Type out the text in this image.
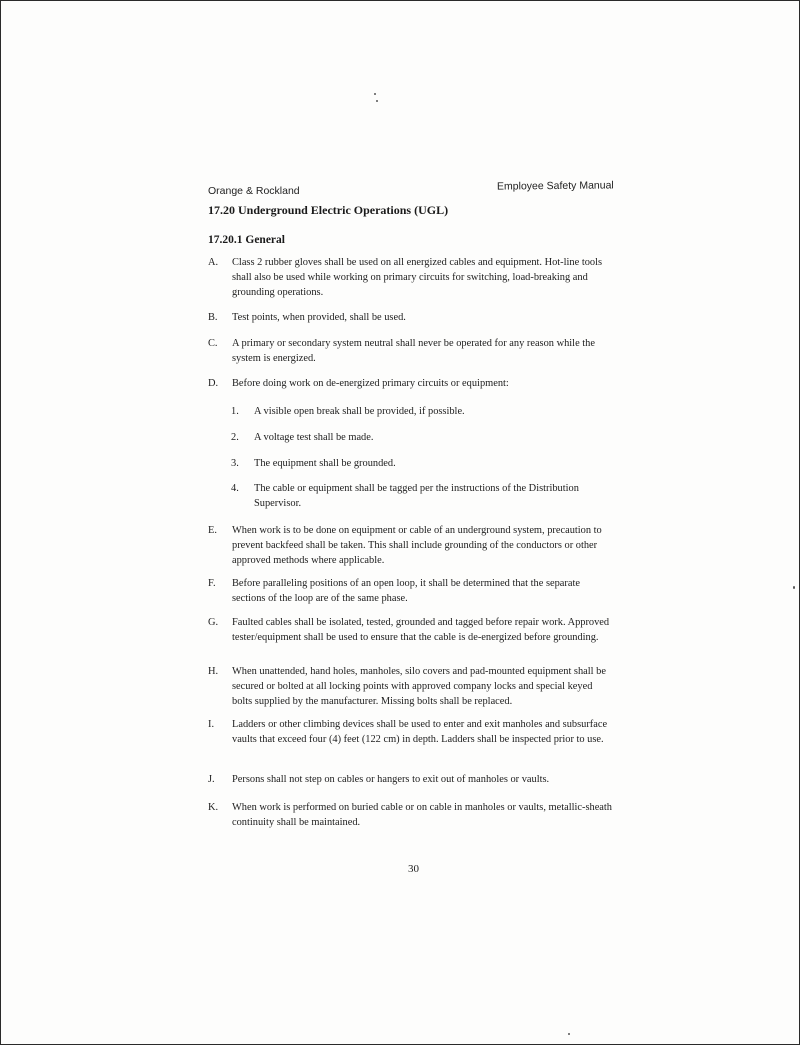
Orange & Rockland	Employee Safety Manual
17.20 Underground Electric Operations (UGL)
17.20.1 General
A. Class 2 rubber gloves shall be used on all energized cables and equipment. Hot-line tools shall also be used while working on primary circuits for switching, load-breaking and grounding operations.
B. Test points, when provided, shall be used.
C. A primary or secondary system neutral shall never be operated for any reason while the system is energized.
D. Before doing work on de-energized primary circuits or equipment:
1. A visible open break shall be provided, if possible.
2. A voltage test shall be made.
3. The equipment shall be grounded.
4. The cable or equipment shall be tagged per the instructions of the Distribution Supervisor.
E. When work is to be done on equipment or cable of an underground system, precaution to prevent backfeed shall be taken. This shall include grounding of the conductors or other approved methods where applicable.
F. Before paralleling positions of an open loop, it shall be determined that the separate sections of the loop are of the same phase.
G. Faulted cables shall be isolated, tested, grounded and tagged before repair work. Approved tester/equipment shall be used to ensure that the cable is de-energized before grounding.
H. When unattended, hand holes, manholes, silo covers and pad-mounted equipment shall be secured or bolted at all locking points with approved company locks and special keyed bolts supplied by the manufacturer. Missing bolts shall be replaced.
I. Ladders or other climbing devices shall be used to enter and exit manholes and subsurface vaults that exceed four (4) feet (122 cm) in depth. Ladders shall be inspected prior to use.
J. Persons shall not step on cables or hangers to exit out of manholes or vaults.
K. When work is performed on buried cable or on cable in manholes or vaults, metallic-sheath continuity shall be maintained.
30
